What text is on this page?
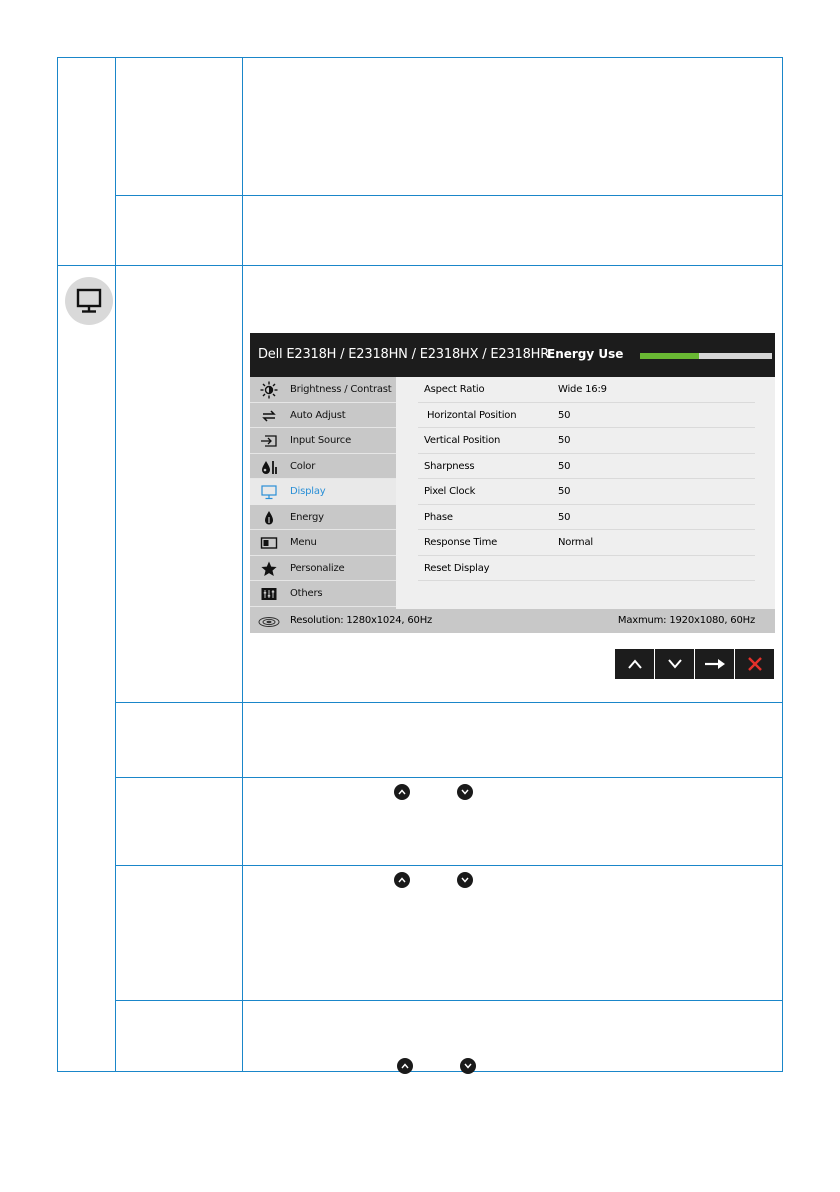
Dell E2318H / E2318HN / E2318HX / E2318HR
Energy Use
Brightness / Contrast
Auto Adjust
Input Source
Color
Display
Energy
Menu
Personalize
Others
Aspect Ratio	Wide 16:9
Horizontal Position	50
Vertical Position	50
Sharpness	50
Pixel Clock	50
Phase	50
Response Time	Normal
Reset Display
Resolution: 1280x1024, 60Hz	Maxmum: 1920x1080, 60Hz
